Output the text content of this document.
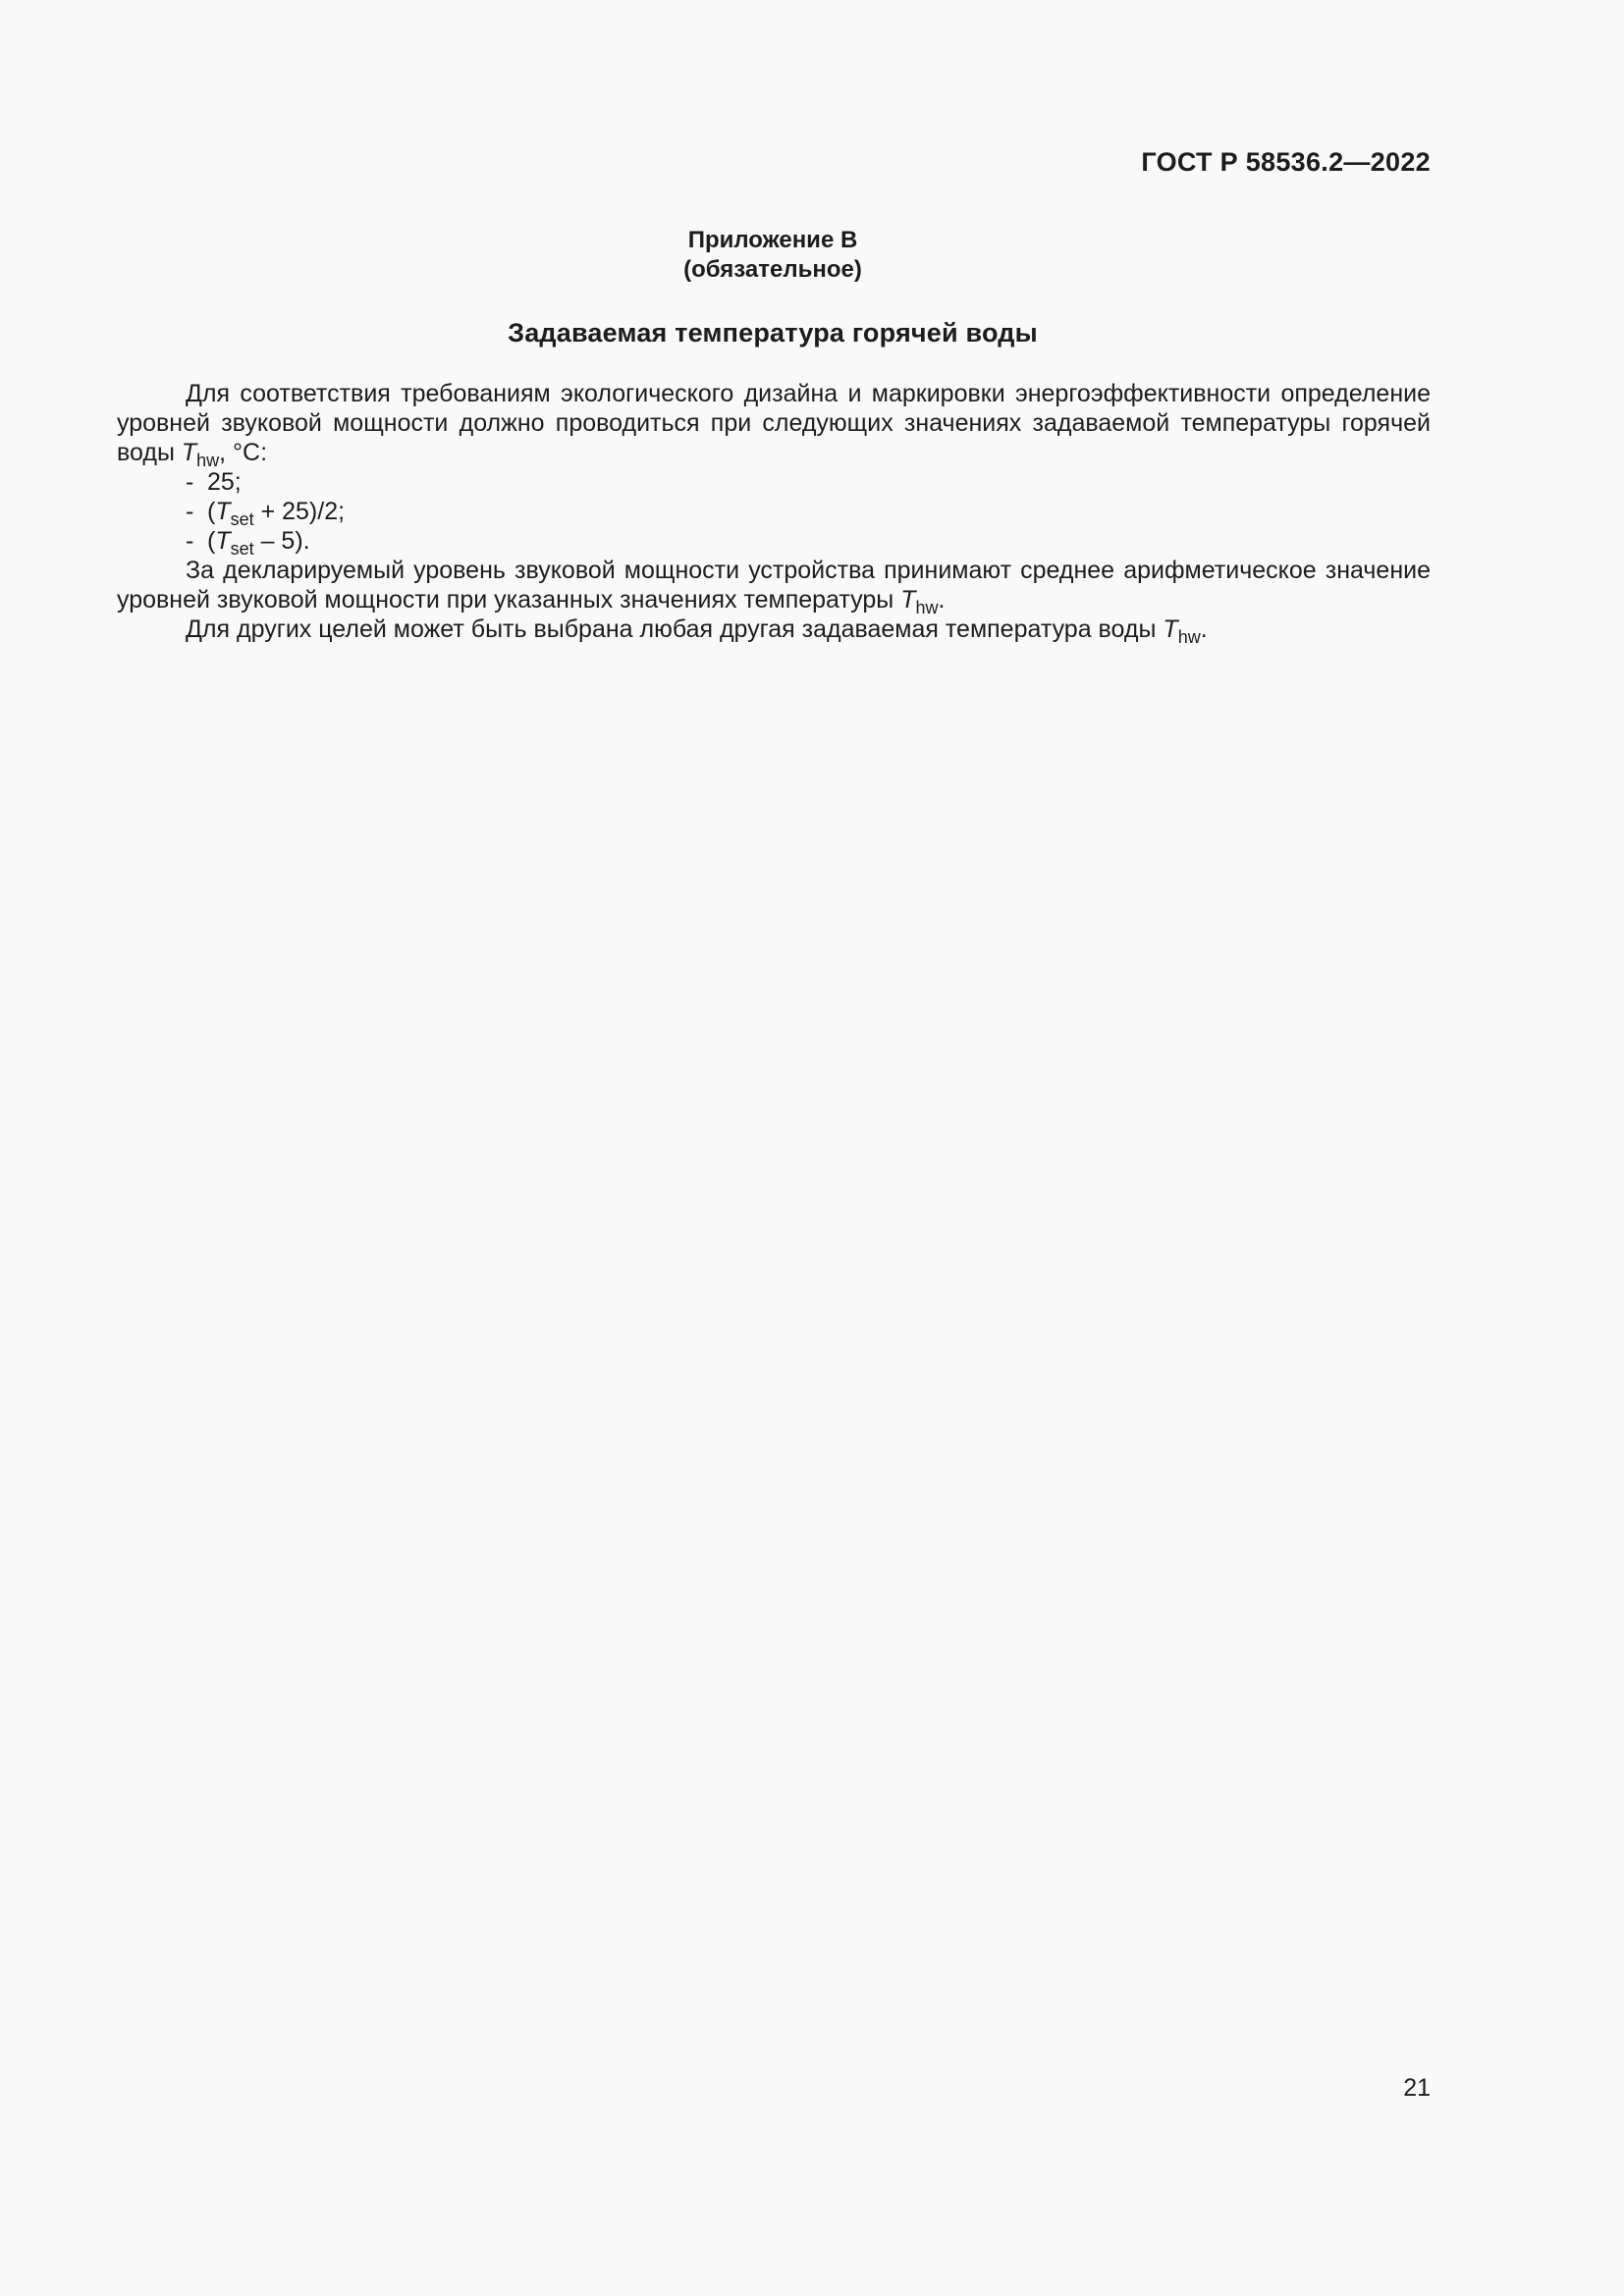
ГОСТ Р 58536.2—2022
Приложение В
(обязательное)
Задаваемая температура горячей воды

Для соответствия требованиям экологического дизайна и маркировки энергоэффективности определение уровней звуковой мощности должно проводиться при следующих значениях задаваемой температуры горячей воды $T_{hw}$, °C:

- 25;
- $(T_{set} + 25)/2$;
- $(T_{set} - 5)$.

За декларируемый уровень звуковой мощности устройства принимают среднее арифметическое значение уровней звуковой мощности при указанных значениях температуры $T_{hw}$.

Для других целей может быть выбрана любая другая задаваемая температура воды $T_{hw}$.

21
